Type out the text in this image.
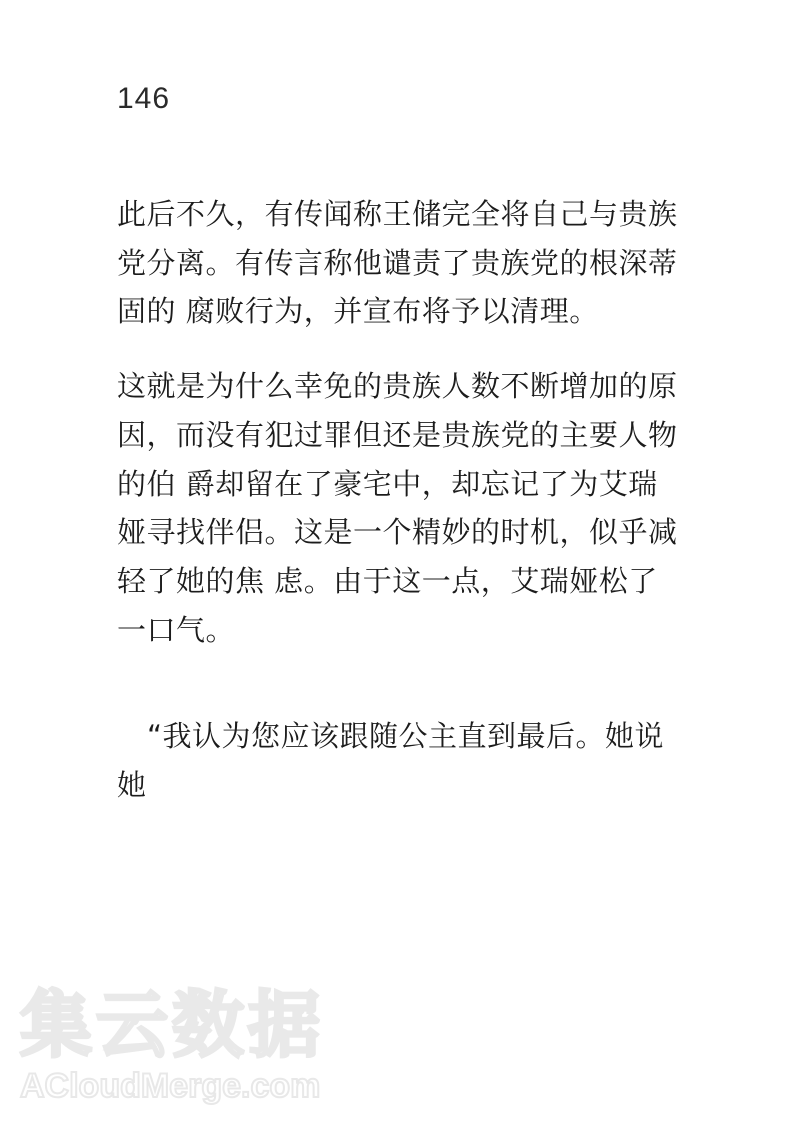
146

此后不久，有传闻称王储完全将自己与贵族党分离。有传言称他谴责了贵族党的根深蒂固的 腐败行为，并宣布将予以清理。

这就是为什么幸免的贵族人数不断增加的原因，而没有犯过罪但还是贵族党的主要人物的伯 爵却留在了豪宅中，却忘记了为艾瑞娅寻找伴侣。这是一个精妙的时机，似乎减轻了她的焦 虑。由于这一点，艾瑞娅松了一口气。

“我认为您应该跟随公主直到最后。她说她

集云数据
ACloudMerge.com
